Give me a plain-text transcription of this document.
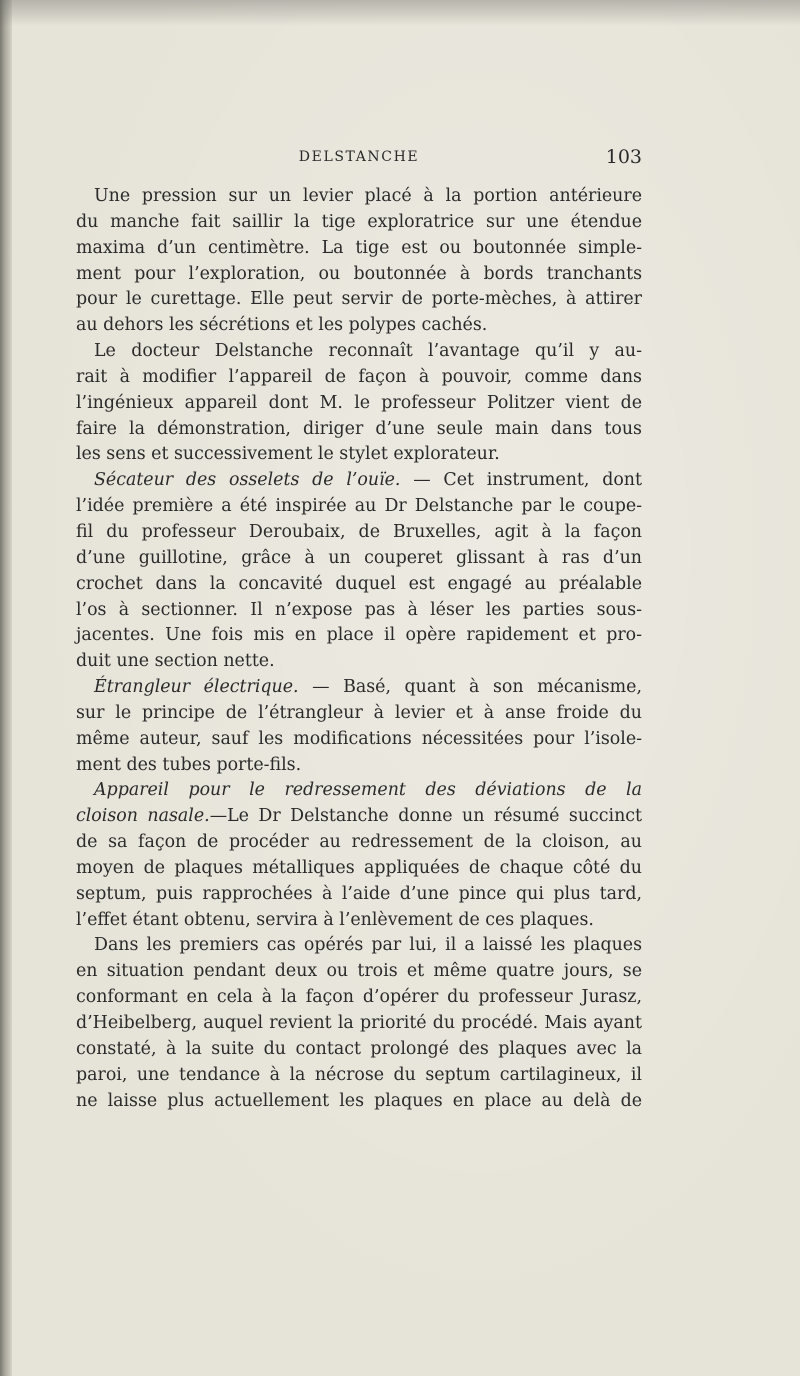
DELSTANCHE	103
Une pression sur un levier placé à la portion antérieure
du manche fait saillir la tige exploratrice sur une étendue
maxima d’un centimètre. La tige est ou boutonnée simple-
ment pour l’exploration, ou boutonnée à bords tranchants
pour le curettage. Elle peut servir de porte-mèches, à attirer
au dehors les sécrétions et les polypes cachés.
Le docteur Delstanche reconnaît l’avantage qu’il y au-
rait à modifier l’appareil de façon à pouvoir, comme dans
l’ingénieux appareil dont M. le professeur Politzer vient de
faire la démonstration, diriger d’une seule main dans tous
les sens et successivement le stylet explorateur.
Sécateur des osselets de l’ouïe. — Cet instrument, dont
l’idée première a été inspirée au Dr Delstanche par le coupe-
fil du professeur Deroubaix, de Bruxelles, agit à la façon
d’une guillotine, grâce à un couperet glissant à ras d’un
crochet dans la concavité duquel est engagé au préalable
l’os à sectionner. Il n’expose pas à léser les parties sous-
jacentes. Une fois mis en place il opère rapidement et pro-
duit une section nette.
Étrangleur électrique. — Basé, quant à son mécanisme,
sur le principe de l’étrangleur à levier et à anse froide du
même auteur, sauf les modifications nécessitées pour l’isole-
ment des tubes porte-fils.
Appareil pour le redressement des déviations de la
cloison nasale.—Le Dr Delstanche donne un résumé succinct
de sa façon de procéder au redressement de la cloison, au
moyen de plaques métalliques appliquées de chaque côté du
septum, puis rapprochées à l’aide d’une pince qui plus tard,
l’effet étant obtenu, servira à l’enlèvement de ces plaques.
Dans les premiers cas opérés par lui, il a laissé les plaques
en situation pendant deux ou trois et même quatre jours, se
conformant en cela à la façon d’opérer du professeur Jurasz,
d’Heibelberg, auquel revient la priorité du procédé. Mais ayant
constaté, à la suite du contact prolongé des plaques avec la
paroi, une tendance à la nécrose du septum cartilagineux, il
ne laisse plus actuellement les plaques en place au delà de
